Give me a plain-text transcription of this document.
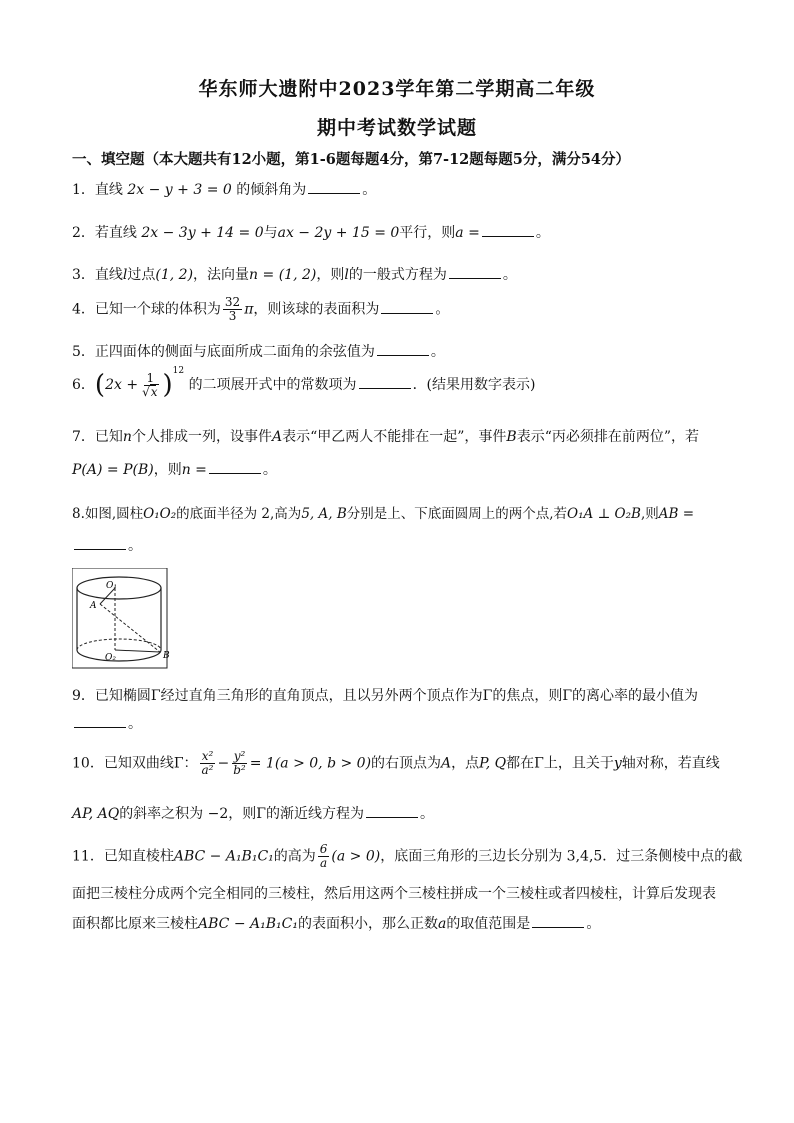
华东师大遗附中2023学年第二学期高二年级
期中考试数学试题
一、填空题（本大题共有12小题，第1-6题每题4分，第7-12题每题5分，满分54分）
1．直线 2x − y + 3 = 0 的倾斜角为	。
2．若直线 2x − 3y + 14 = 0与ax − 2y + 15 = 0平行，则a =	。
3．直线l过点(1, 2)，法向量n = (1, 2)，则l的一般式方程为	。
4．已知一个球的体积为 $\frac{32}{3}$ π，则该球的表面积为	。
5．正四面体的侧面与底面所成二面角的余弦值为	。
6．$(2x + \frac{1}{√x} )^{12}$ 的二项展开式中的常数项为	．(结果用数字表示)
7．已知n个人排成一列，设事件A表示“甲乙两人不能排在一起”，事件B表示“丙必须排在前两位”，若
P(A) = P(B)，则n =	。
8.如图,圆柱O₁O₂的底面半径为 2,高为5, A, B分别是上、下底面圆周上的两个点,若O₁A ⊥ O₂B,则AB =
。
O₁
A
O₂	B
9．已知椭圆Γ经过直角三角形的直角顶点，且以另外两个顶点作为Γ的焦点，则Γ的离心率的最小值为
。
10．已知双曲线Γ： $\frac{\text{x²}}{\text{a²}} - \frac{\text{y²}}{\text{b²}} = 1(a > 0$, b > 0)的右顶点为A，点P, Q都在Γ上，且关于y轴对称，若直线
AP, AQ的斜率之积为 −2，则Γ的渐近线方程为	。
11．已知直棱柱ABC − A₁B₁C₁的高为 $\frac{6}{a} (a > 0)$，底面三角形的三边长分别为 3,4,5．过三条侧棱中点的截
面把三棱柱分成两个完全相同的三棱柱，然后用这两个三棱柱拼成一个三棱柱或者四棱柱，计算后发现表
面积都比原来三棱柱ABC − A₁B₁C₁的表面积小，那么正数a的取值范围是	。
